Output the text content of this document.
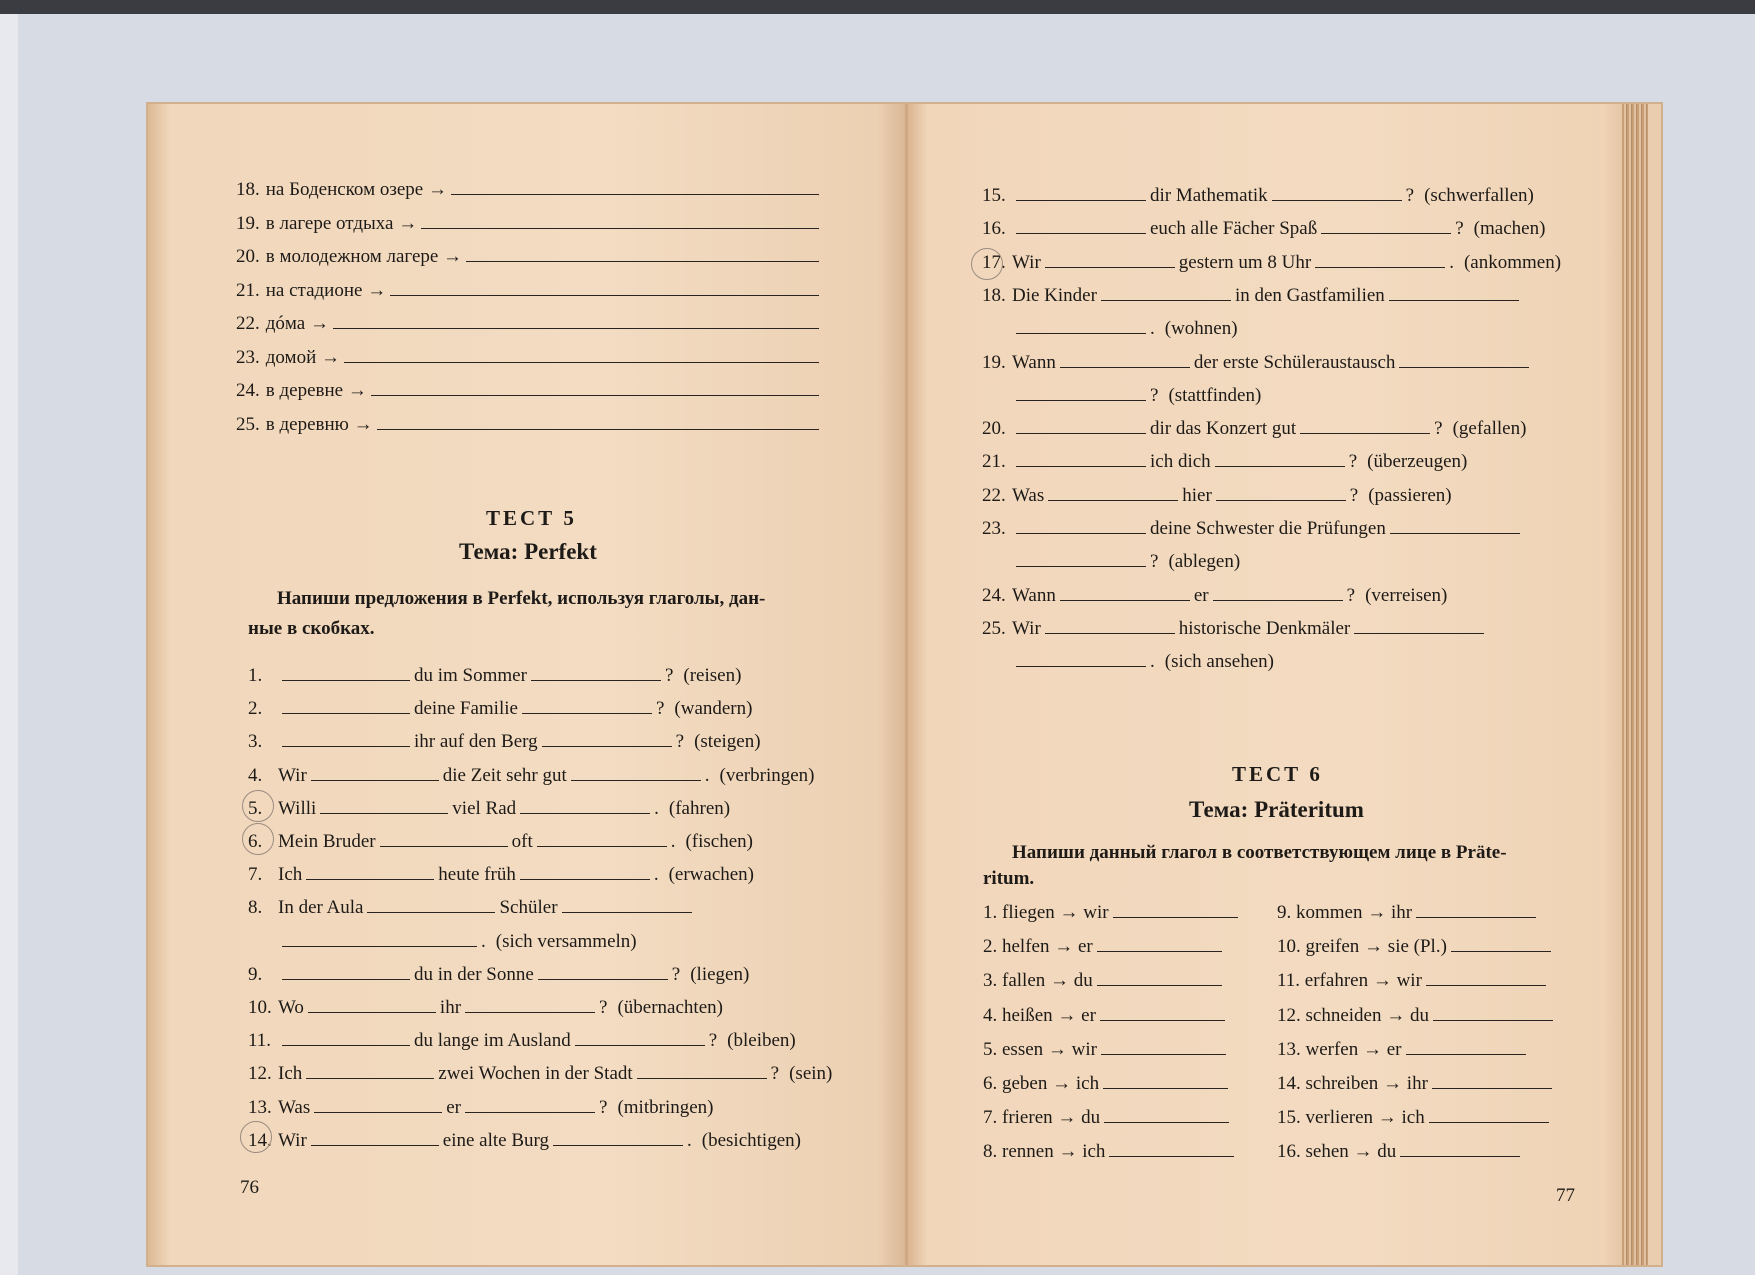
18. на Боденском озере →
19. в лагере отдыха →
20. в молодежном лагере →
21. на стадионе →
22. дóма →
23. домой →
24. в деревне →
25. в деревню →
ТЕСТ 5
Тема: Perfekt
Напиши предложения в Perfekt, используя глаголы, дан-
ные в скобках.
1.	du im Sommer	? (reisen)
2.	deine Familie	? (wandern)
3.	ihr auf den Berg	? (steigen)
4. Wir	die Zeit sehr gut	. (verbringen)
5. Willi	viel Rad	. (fahren)
6. Mein Bruder	oft	. (fischen)
7. Ich	heute früh	. (erwachen)
8. In der Aula	Schüler
. (sich versammeln)
9.	du in der Sonne	? (liegen)
10. Wo	ihr	? (übernachten)
11.	du lange im Ausland	? (bleiben)
12. Ich	zwei Wochen in der Stadt	? (sein)
13. Was	er	? (mitbringen)
14. Wir	eine alte Burg	. (besichtigen)
76
15.	dir Mathematik	? (schwerfallen)
16.	euch alle Fächer Spaß	? (machen)
17. Wir	gestern um 8 Uhr	. (ankommen)
18. Die Kinder	in den Gastfamilien
. (wohnen)
19. Wann	der erste Schüleraustausch
? (stattfinden)
20.	dir das Konzert gut	? (gefallen)
21.	ich dich	? (überzeugen)
22. Was	hier	? (passieren)
23.	deine Schwester die Prüfungen
? (ablegen)
24. Wann	er	? (verreisen)
25. Wir	historische Denkmäler
. (sich ansehen)
ТЕСТ 6
Тема: Präteritum
Напиши данный глагол в соответствующем лице в Präte-
ritum.
1. fliegen → wir
2. helfen → er
3. fallen → du
4. heißen → er
5. essen → wir
6. geben → ich
7. frieren → du
8. rennen → ich
9. kommen → ihr
10. greifen → sie (Pl.)
11. erfahren → wir
12. schneiden → du
13. werfen → er
14. schreiben → ihr
15. verlieren → ich
16. sehen → du
77
